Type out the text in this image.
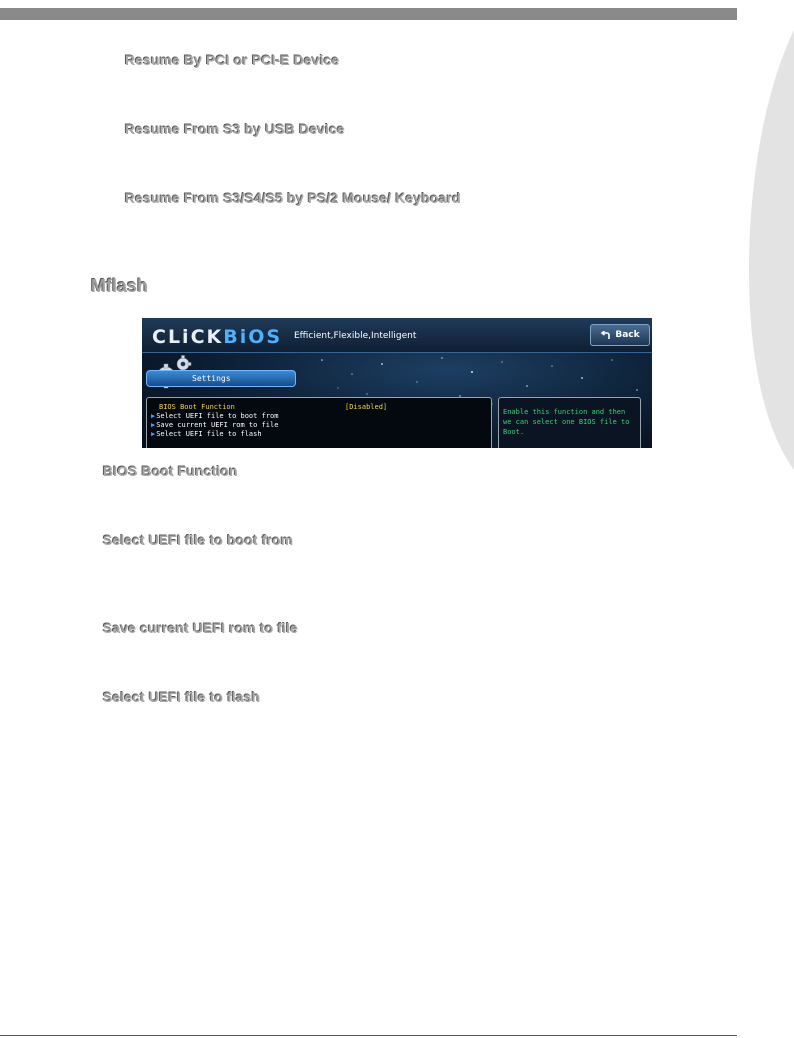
Resume By PCI or PCI-E Device
Resume From S3 by USB Device
Resume From S3/S4/S5 by PS/2 Mouse/ Keyboard
Mflash
CLiCKBiOS Efficient,Flexible,Intelligent	Back
Settings
BIOS Boot Function	[Disabled]
▶Select UEFI file to boot from
▶Save current UEFI rom to file
▶Select UEFI file to flash
Enable this function and then we can select one BIOS file to Boot.
BIOS Boot Function
Select UEFI file to boot from
Save current UEFI rom to file
Select UEFI file to flash
